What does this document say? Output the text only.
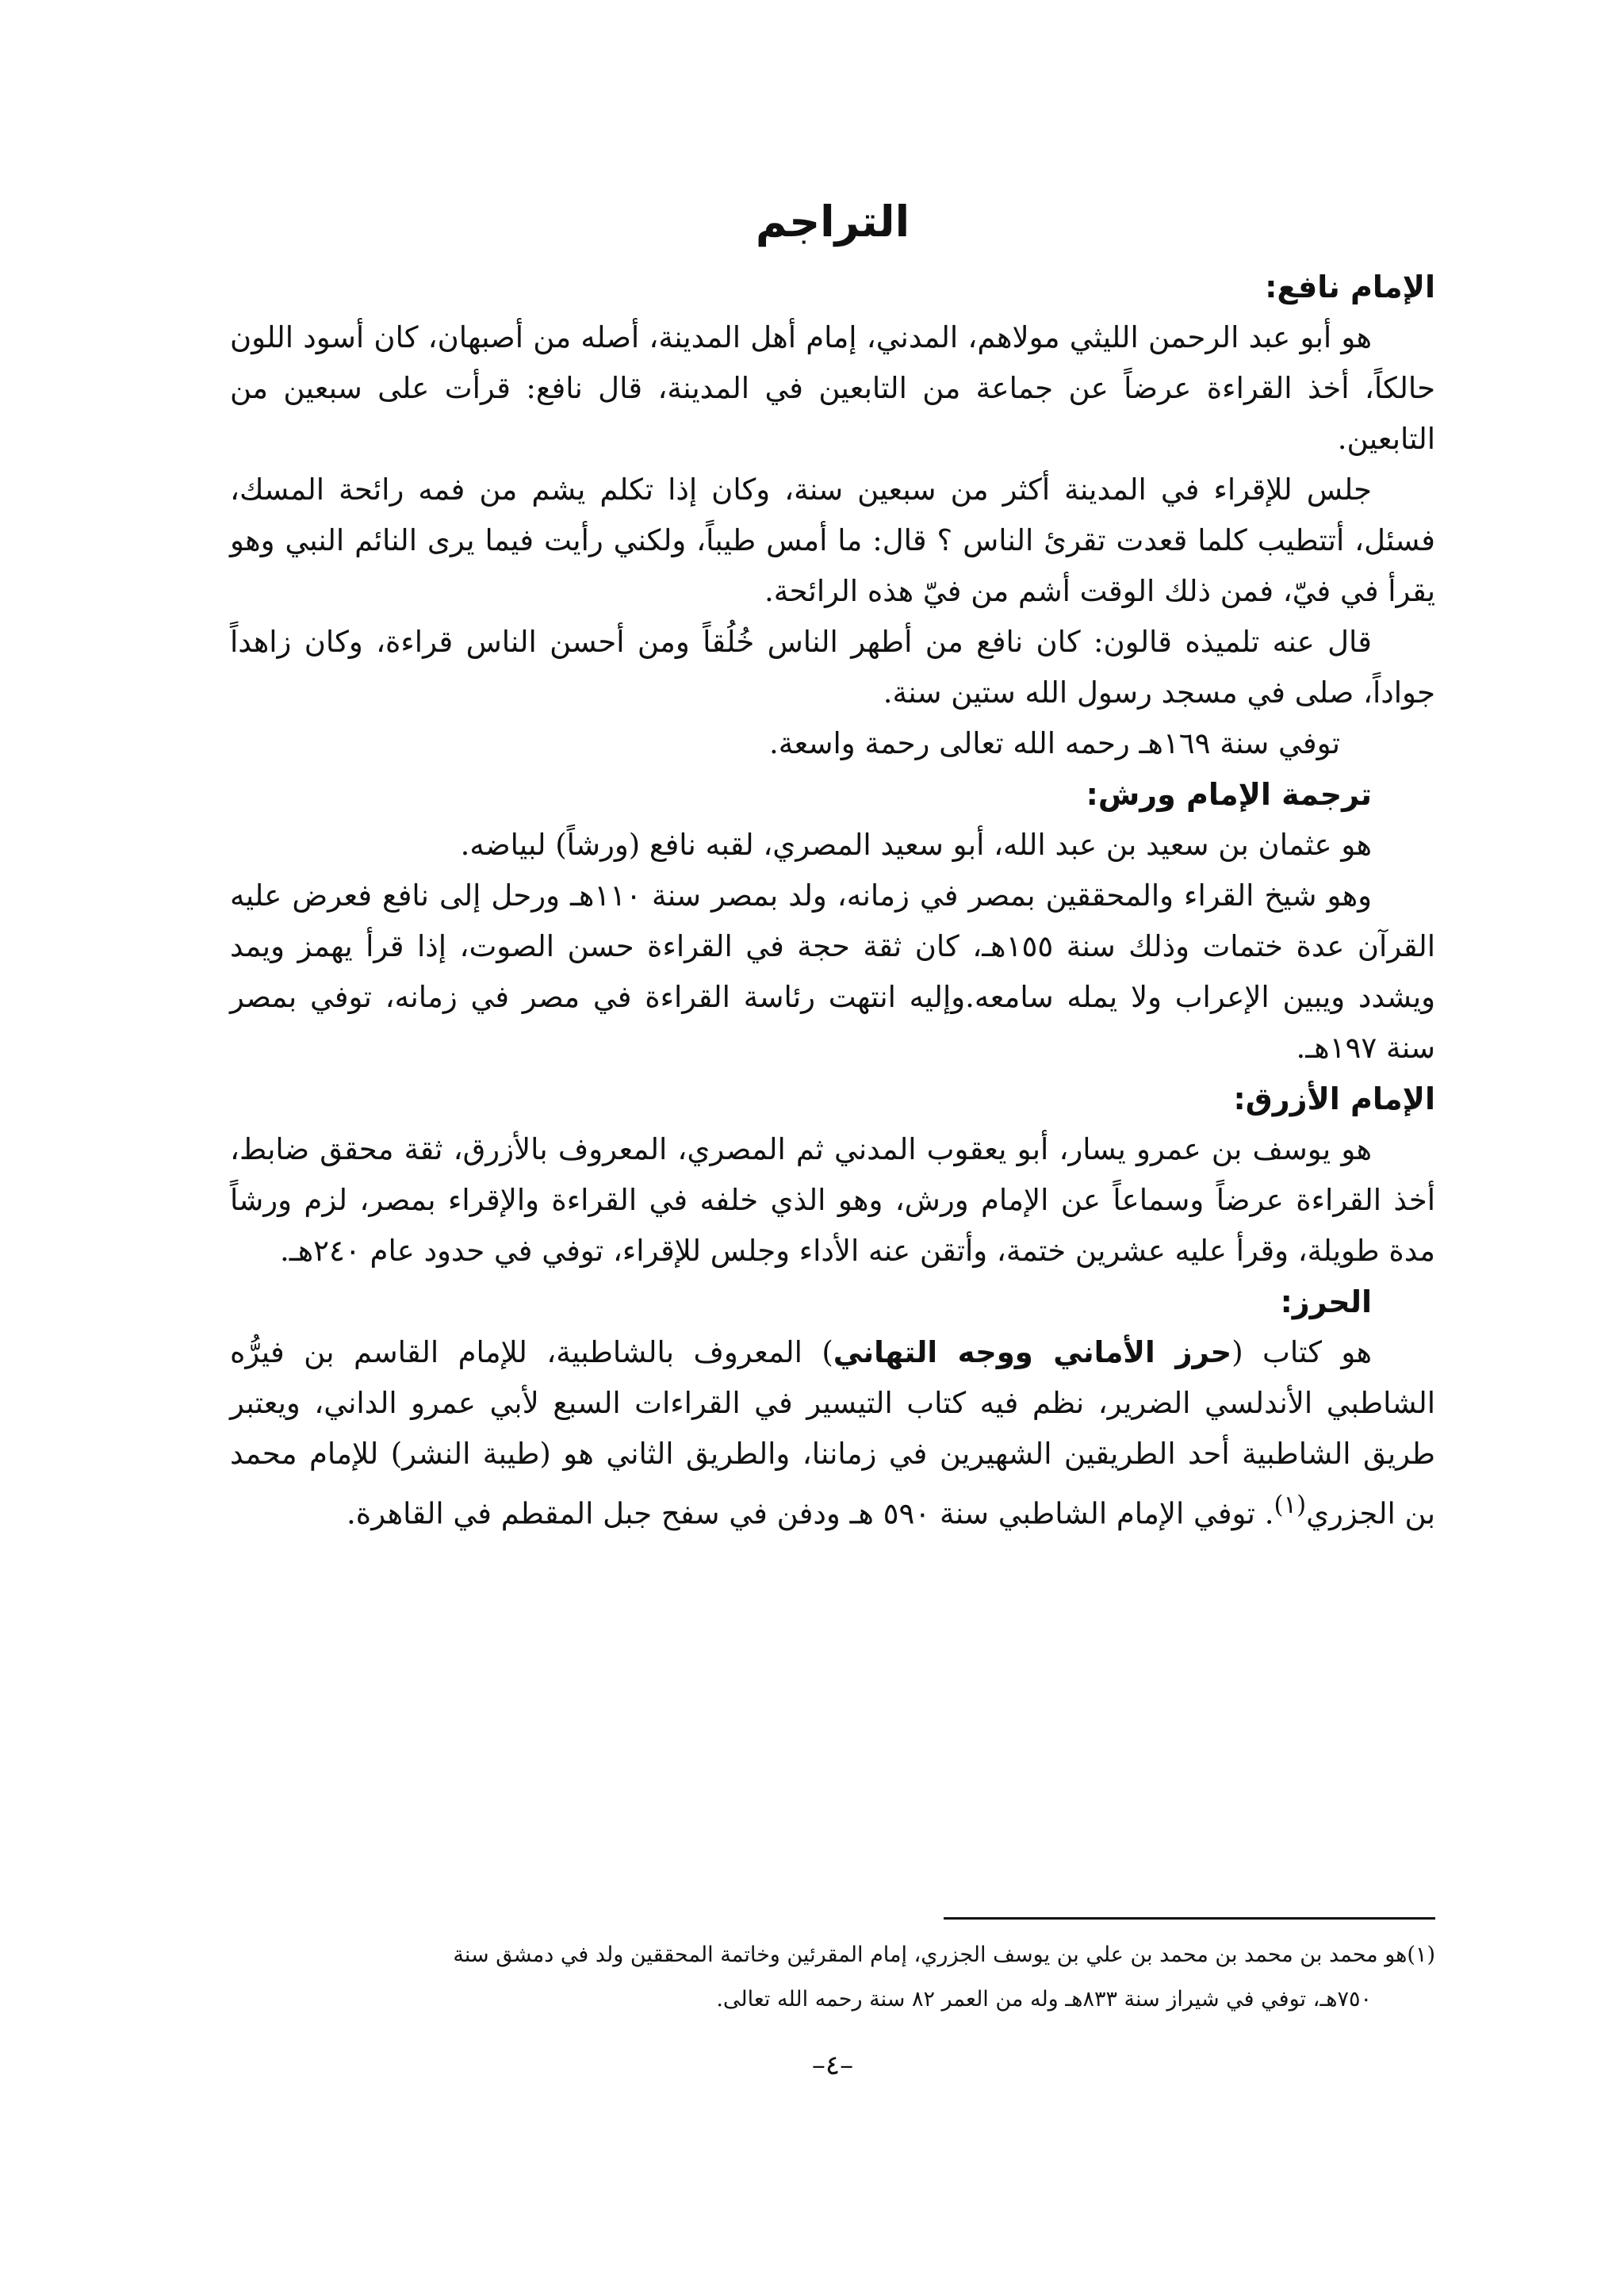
التراجم

الإمام نافع:

هو أبو عبد الرحمن الليثي مولاهم، المدني، إمام أهل المدينة، أصله من أصبهان، كان أسود اللون حالكاً، أخذ القراءة عرضاً عن جماعة من التابعين في المدينة، قال نافع: قرأت على سبعين من التابعين.

جلس للإقراء في المدينة أكثر من سبعين سنة، وكان إذا تكلم يشم من فمه رائحة المسك، فسئل، أتتطيب كلما قعدت تقرئ الناس ؟ قال: ما أمس طيباً، ولكني رأيت فيما يرى النائم النبي وهو يقرأ في فيّ، فمن ذلك الوقت أشم من فيّ هذه الرائحة.

قال عنه تلميذه قالون: كان نافع من أطهر الناس خُلُقاً ومن أحسن الناس قراءة، وكان زاهداً جواداً، صلى في مسجد رسول الله ستين سنة.

توفي سنة ١٦٩هـ رحمه الله تعالى رحمة واسعة.

ترجمة الإمام ورش:

هو عثمان بن سعيد بن عبد الله، أبو سعيد المصري، لقبه نافع (ورشاً) لبياضه.

وهو شيخ القراء والمحققين بمصر في زمانه، ولد بمصر سنة ١١٠هـ ورحل إلى نافع فعرض عليه القرآن عدة ختمات وذلك سنة ١٥٥هـ، كان ثقة حجة في القراءة حسن الصوت، إذا قرأ يهمز ويمد ويشدد ويبين الإعراب ولا يمله سامعه.وإليه انتهت رئاسة القراءة في مصر في زمانه، توفي بمصر سنة ١٩٧هـ.

الإمام الأزرق:

هو يوسف بن عمرو يسار، أبو يعقوب المدني ثم المصري، المعروف بالأزرق، ثقة محقق ضابط، أخذ القراءة عرضاً وسماعاً عن الإمام ورش، وهو الذي خلفه في القراءة والإقراء بمصر، لزم ورشاً مدة طويلة، وقرأ عليه عشرين ختمة، وأتقن عنه الأداء وجلس للإقراء، توفي في حدود عام ٢٤٠هـ.

الحرز:

هو كتاب (حرز الأماني ووجه التهاني) المعروف بالشاطبية، للإمام القاسم بن فيرُّه الشاطبي الأندلسي الضرير، نظم فيه كتاب التيسير في القراءات السبع لأبي عمرو الداني، ويعتبر طريق الشاطبية أحد الطريقين الشهيرين في زماننا، والطريق الثاني هو (طيبة النشر) للإمام محمد بن الجزري$^{(١)}$. توفي الإمام الشاطبي سنة ٥٩٠ هـ ودفن في سفح جبل المقطم في القاهرة.

(١)هو محمد بن محمد بن محمد بن علي بن يوسف الجزري، إمام المقرئين وخاتمة المحققين ولد في دمشق سنة

٧٥٠هـ، توفي في شيراز سنة ٨٣٣هـ وله من العمر ٨٢ سنة رحمه الله تعالى.

–٤–
